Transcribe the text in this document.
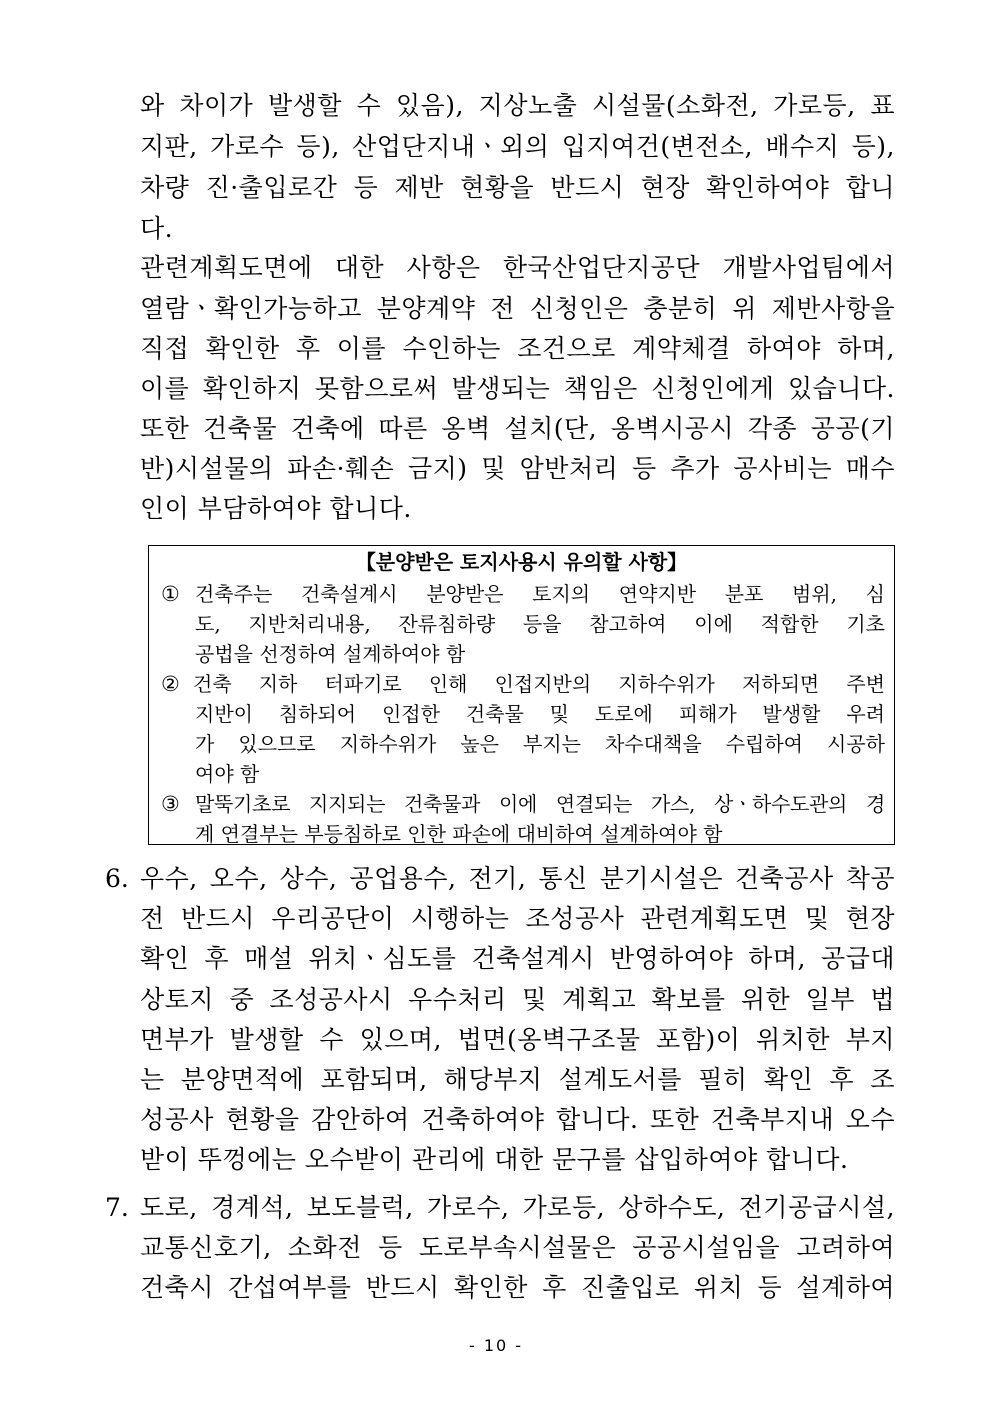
와 차이가 발생할 수 있음), 지상노출 시설물(소화전, 가로등, 표
지판, 가로수 등), 산업단지내ㆍ외의 입지여건(변전소, 배수지 등),
차량 진·출입로간 등 제반 현황을 반드시 현장 확인하여야 합니
다.
관련계획도면에 대한 사항은 한국산업단지공단 개발사업팀에서
열람ㆍ확인가능하고 분양계약 전 신청인은 충분히 위 제반사항을
직접 확인한 후 이를 수인하는 조건으로 계약체결 하여야 하며,
이를 확인하지 못함으로써 발생되는 책임은 신청인에게 있습니다.
또한 건축물 건축에 따른 옹벽 설치(단, 옹벽시공시 각종 공공(기
반)시설물의 파손·훼손 금지) 및 암반처리 등 추가 공사비는 매수
인이 부담하여야 합니다.
【분양받은 토지사용시 유의할 사항】
① 건축주는 건축설계시 분양받은 토지의 연약지반 분포 범위, 심
도, 지반처리내용, 잔류침하량 등을 참고하여 이에 적합한 기초
공법을 선정하여 설계하여야 함
② 건축 지하 터파기로 인해 인접지반의 지하수위가 저하되면 주변
지반이 침하되어 인접한 건축물 및 도로에 피해가 발생할 우려
가 있으므로 지하수위가 높은 부지는 차수대책을 수립하여 시공하
여야 함
③ 말뚝기초로 지지되는 건축물과 이에 연결되는 가스, 상ㆍ하수도관의 경
계 연결부는 부등침하로 인한 파손에 대비하여 설계하여야 함
6. 우수, 오수, 상수, 공업용수, 전기, 통신 분기시설은 건축공사 착공
전 반드시 우리공단이 시행하는 조성공사 관련계획도면 및 현장
확인 후 매설 위치ㆍ심도를 건축설계시 반영하여야 하며, 공급대
상토지 중 조성공사시 우수처리 및 계획고 확보를 위한 일부 법
면부가 발생할 수 있으며, 법면(옹벽구조물 포함)이 위치한 부지
는 분양면적에 포함되며, 해당부지 설계도서를 필히 확인 후 조
성공사 현황을 감안하여 건축하여야 합니다. 또한 건축부지내 오수
받이 뚜껑에는 오수받이 관리에 대한 문구를 삽입하여야 합니다.
7. 도로, 경계석, 보도블럭, 가로수, 가로등, 상하수도, 전기공급시설,
교통신호기, 소화전 등 도로부속시설물은 공공시설임을 고려하여
건축시 간섭여부를 반드시 확인한 후 진출입로 위치 등 설계하여
- 10 -
